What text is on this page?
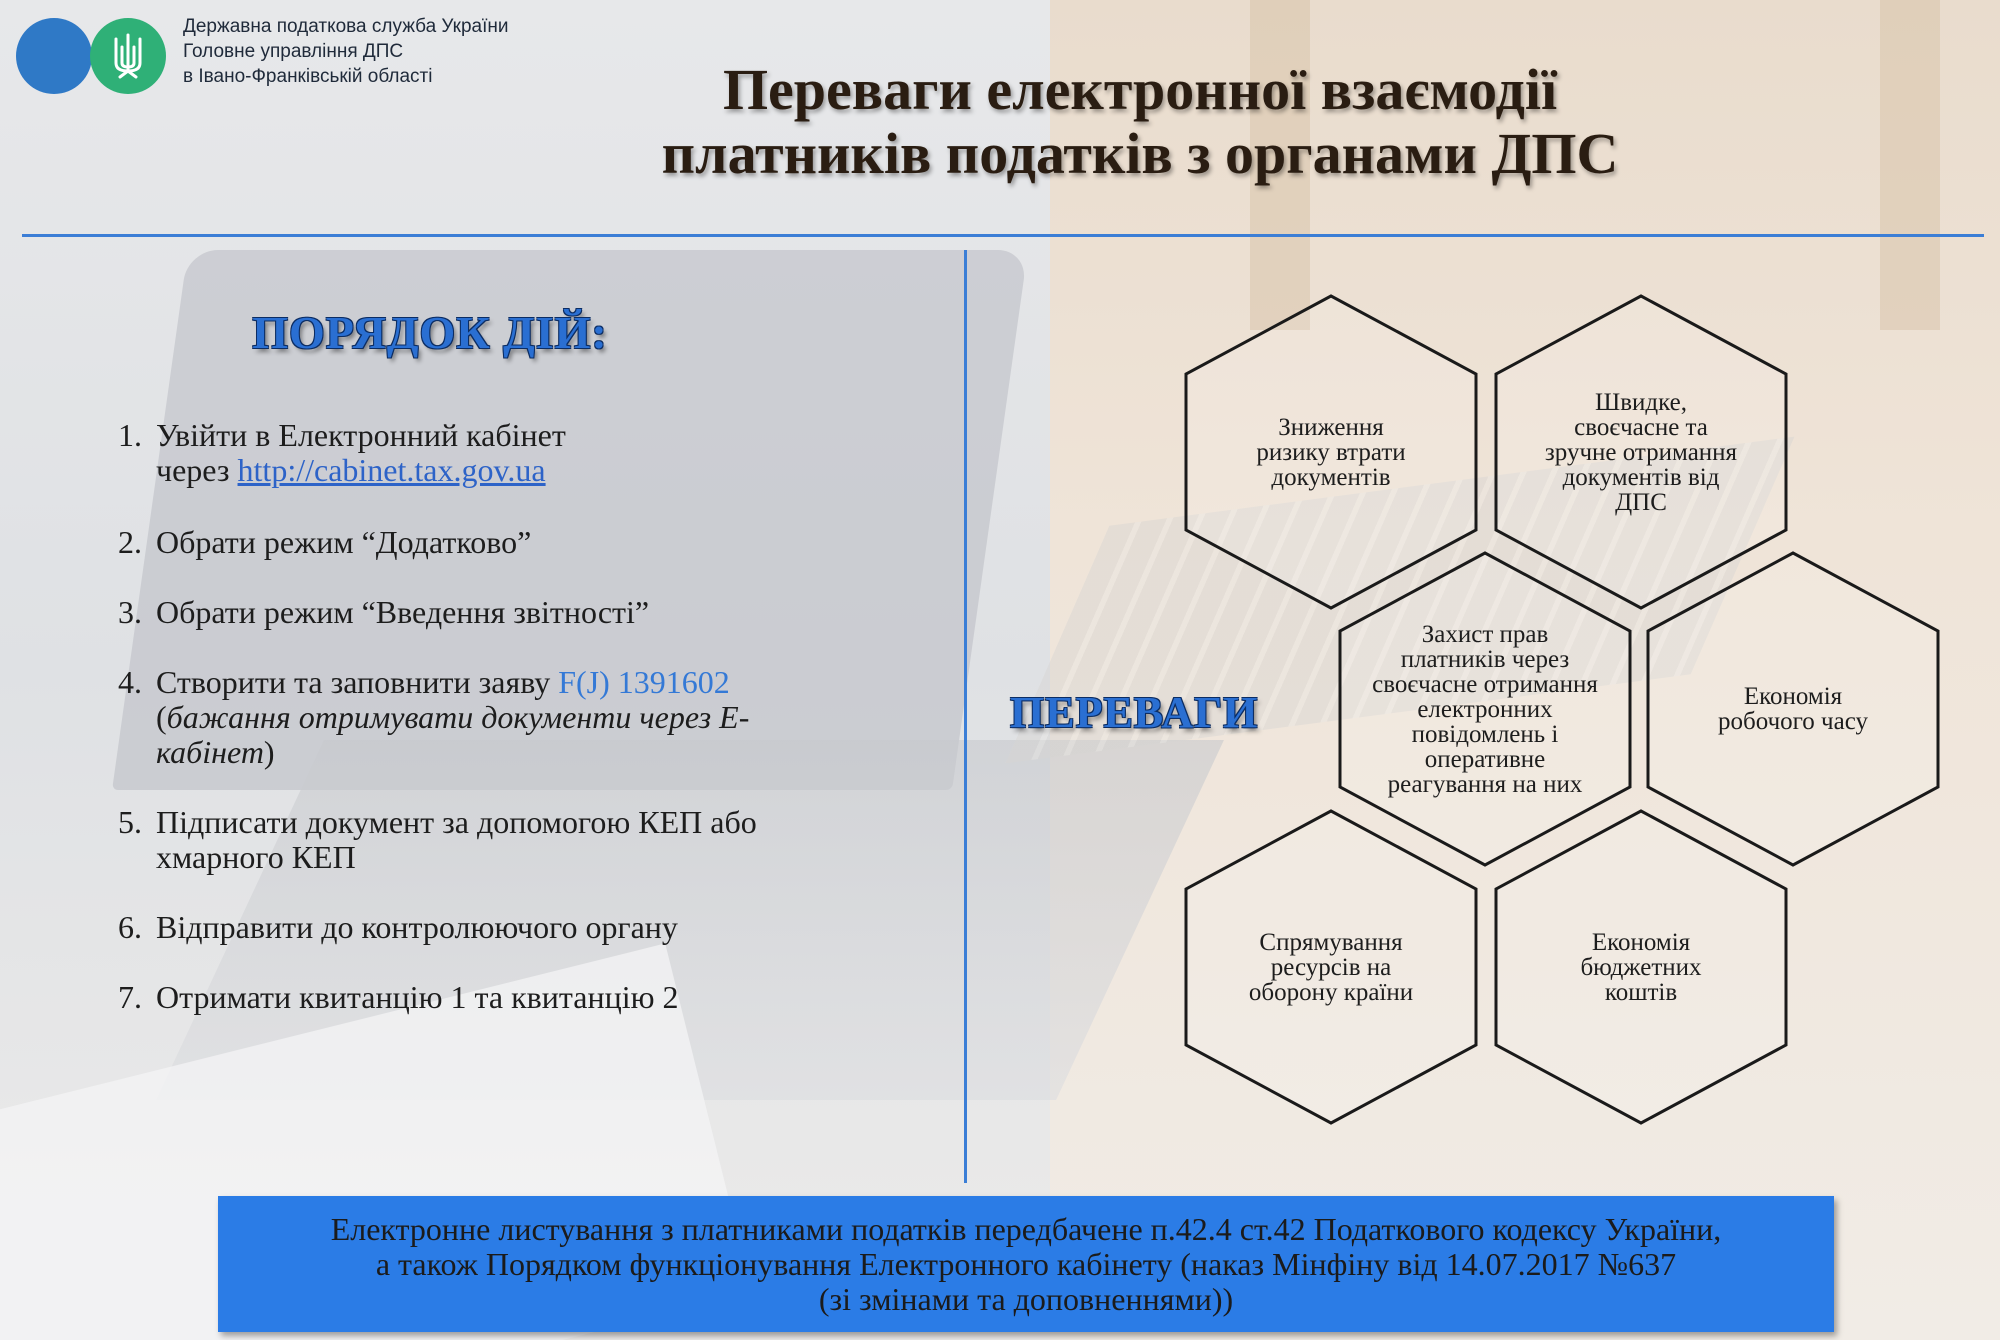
Державна податкова служба України
Головне управління ДПС
в Івано-Франківській області	Переваги електронної взаємодії
платників податків з органами ДПС
ПОРЯДОК ДІЙ:
1. Увійти в Електронний кабінет
через http://cabinet.tax.gov.ua
2. Обрати режим “Додатково”
3. Обрати режим “Введення звітності”
4. Створити та заповнити заяву F(J) 1391602
(бажання отримувати документи через Е-кабінет)
5. Підписати документ за допомогою КЕП або хмарного КЕП
6. Відправити до контролюючого органу
7. Отримати квитанцію 1 та квитанцію 2
ПЕРЕВАГИ
Зниження ризику втрати документів
Швидке, своєчасне та зручне отримання документів від ДПС
Захист прав платників через своєчасне отримання електронних повідомлень і оперативне реагування на них
Економія робочого часу
Спрямування ресурсів на оборону країни
Економія бюджетних коштів
Електронне листування з платниками податків передбачене п.42.4 ст.42 Податкового кодексу України,
а також Порядком функціонування Електронного кабінету (наказ Мінфіну від 14.07.2017 №637
(зі змінами та доповненнями))
